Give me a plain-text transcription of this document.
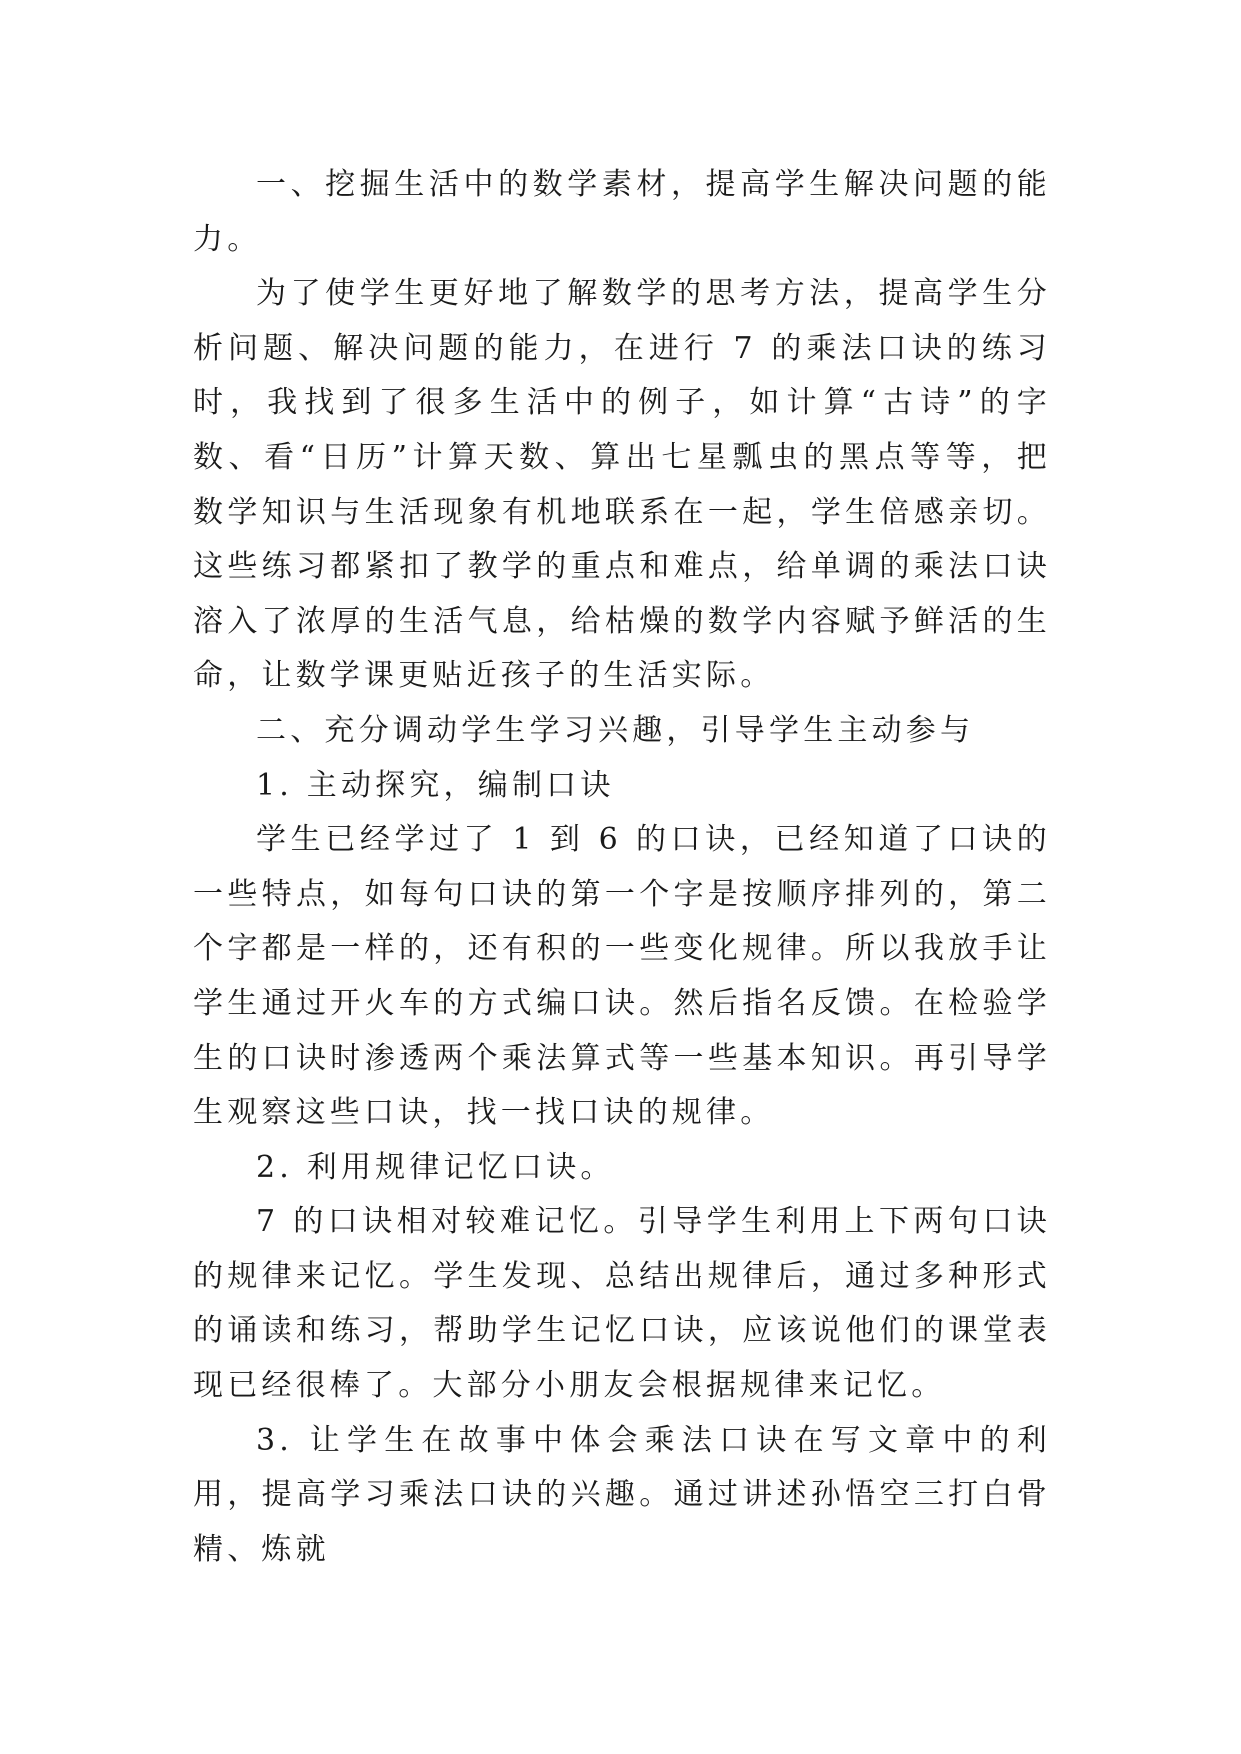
一、挖掘生活中的数学素材，提高学生解决问题的能力。

为了使学生更好地了解数学的思考方法，提高学生分析问题、解决问题的能力，在进行 7 的乘法口诀的练习时，我找到了很多生活中的例子，如计算“古诗”的字数、看“日历”计算天数、算出七星瓢虫的黑点等等，把数学知识与生活现象有机地联系在一起，学生倍感亲切。这些练习都紧扣了教学的重点和难点，给单调的乘法口诀溶入了浓厚的生活气息，给枯燥的数学内容赋予鲜活的生命，让数学课更贴近孩子的生活实际。

二、充分调动学生学习兴趣，引导学生主动参与

1. 主动探究，编制口诀

学生已经学过了 1 到 6 的口诀，已经知道了口诀的一些特点，如每句口诀的第一个字是按顺序排列的，第二个字都是一样的，还有积的一些变化规律。所以我放手让学生通过开火车的方式编口诀。然后指名反馈。在检验学生的口诀时渗透两个乘法算式等一些基本知识。再引导学生观察这些口诀，找一找口诀的规律。

2. 利用规律记忆口诀。

7 的口诀相对较难记忆。引导学生利用上下两句口诀的规律来记忆。学生发现、总结出规律后，通过多种形式的诵读和练习，帮助学生记忆口诀，应该说他们的课堂表现已经很棒了。大部分小朋友会根据规律来记忆。

3. 让学生在故事中体会乘法口诀在写文章中的利用，提高学习乘法口诀的兴趣。通过讲述孙悟空三打白骨精、炼就
